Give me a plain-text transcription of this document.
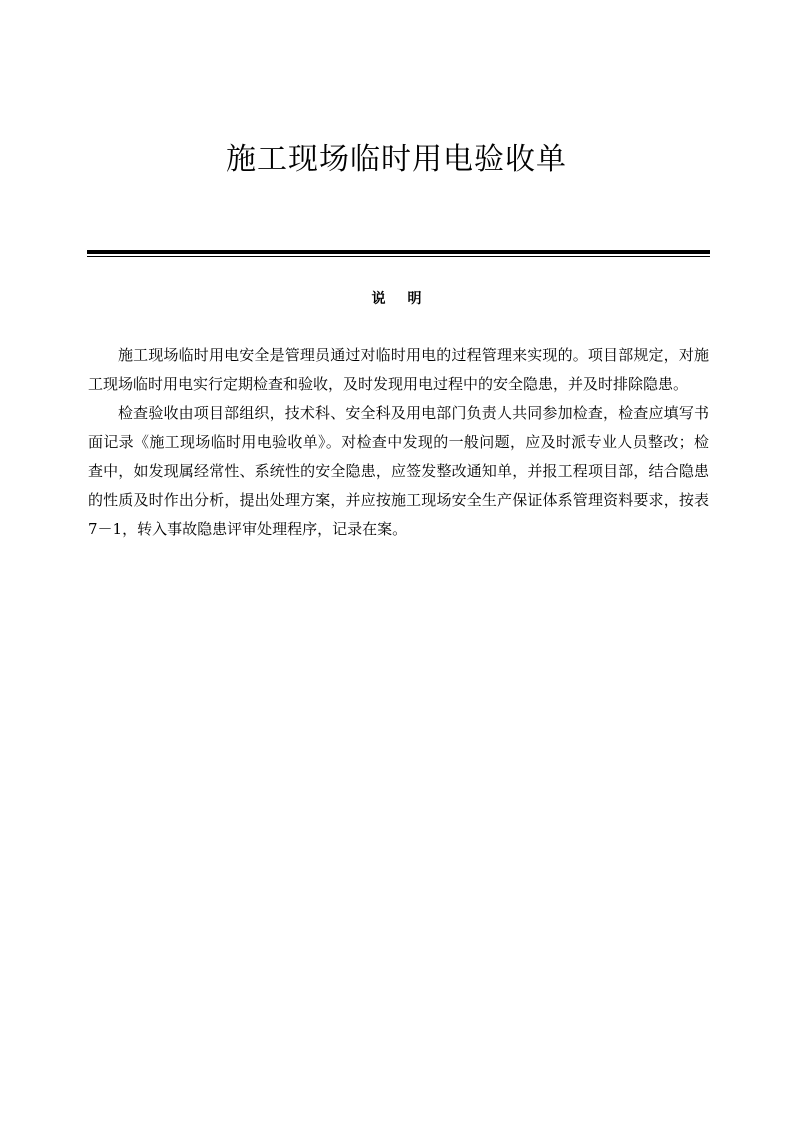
施工现场临时用电验收单
说明

施工现场临时用电安全是管理员通过对临时用电的过程管理来实现的。项目部规定，对施工现场临时用电实行定期检查和验收，及时发现用电过程中的安全隐患，并及时排除隐患。

检查验收由项目部组织，技术科、安全科及用电部门负责人共同参加检查，检查应填写书面记录《施工现场临时用电验收单》。对检查中发现的一般问题，应及时派专业人员整改；检查中，如发现属经常性、系统性的安全隐患，应签发整改通知单，并报工程项目部，结合隐患的性质及时作出分析，提出处理方案，并应按施工现场安全生产保证体系管理资料要求，按表 7－1，转入事故隐患评审处理程序，记录在案。
